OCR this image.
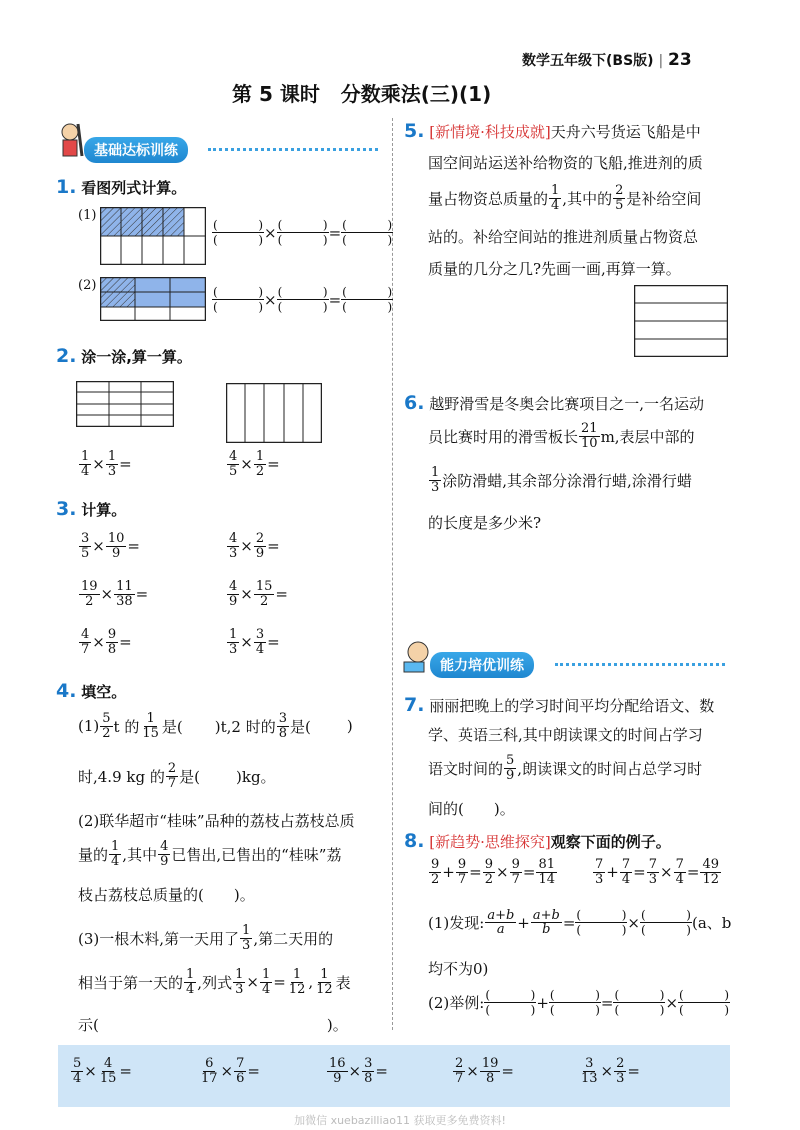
数学五年级下(BS版) | 23
第 5 课时 分数乘法(三)(1)
基础达标训练
1.
看图列式计算。
(1)
(	)
(	) × (	)
(	) = (	)
(	)
(2)	(	)
(	) × (	)
(	) = (	)
(	)
2.
涂一涂,算一算。
$\frac{1}{4} \times \frac{1}{3}$ =	$\frac{4}{5} \times \frac{1}{2}$ =
3.
计算。
$\frac{3}{5} \times \frac{10}{9}$ =	$\frac{4}{3} \times \frac{2}{9}$ =
$\frac{19}{2} \times \frac{11}{38}$ =	$\frac{4}{9} \times \frac{15}{2}$ =
$\frac{4}{7} \times \frac{9}{8}$ =	$\frac{1}{3} \times \frac{3}{4}$ =
4.
填空。
(1) 5
2 t 的 1
15 是( )t,2 时的 3
8 是( )
时,4.9 kg 的 2
7 是( )kg。
(2)联华超市“桂味”品种的荔枝占荔枝总质
量的 1
4 ,其中 4
9 已售出,已售出的“桂味”荔
枝占荔枝总质量的(　　)。
(3)一根木料,第一天用了 1
3 ,第二天用的
相当于第一天的 1
4 ,列式 $\frac{1}{3} \times \frac{1}{4} = \frac{1}{12}$ , 1
12 表
示(	)。
5.
[新情境·科技成就] 天舟六号货运飞船是中
国空间站运送补给物资的飞船,推进剂的质
量占物资总质量的 1
4 ,其中的 2
5 是补给空间
站的。补给空间站的推进剂质量占物资总
质量的几分之几?先画一画,再算一算。
6.
越野滑雪是冬奥会比赛项目之一,一名运动
员比赛时用的滑雪板长 21
10 m,表层中部的
1
3 涂防滑蜡,其余部分涂滑行蜡,涂滑行蜡
的长度是多少米?
能力培优训练
7.
丽丽把晚上的学习时间平均分配给语文、数
学、英语三科,其中朗读课文的时间占学习
语文时间的 5
9 ,朗读课文的时间占总学习时
间的(　　)。
8.
[新趋势·思维探究] 观察下面的例子。
9
$2 + \frac{9}{7} = \frac{9}{2} \times \frac{9}{7} = \frac{81}{14}$	7
$3 + \frac{7}{4} = \frac{7}{3} \times \frac{7}{4} = \frac{49}{12}$
(1)发现: a+b
$a + \frac{a+b}{b}$ = (	)
(	) × (	)
(	) (a、b
均不为0)
(2)举例: (	)
(	) + (	)
(	) = (	)
(	) × (	)
(	)
$\frac{5}{4} \times \frac{4}{15}$ =	$\frac{6}{17} \times \frac{7}{6}$ =	$\frac{16}{9} \times \frac{3}{8}$ =	$\frac{2}{7} \times \frac{19}{8}$ =	$\frac{3}{13} \times \frac{2}{3}$ =
加微信 xuebazilliao11 获取更多免费资料!
